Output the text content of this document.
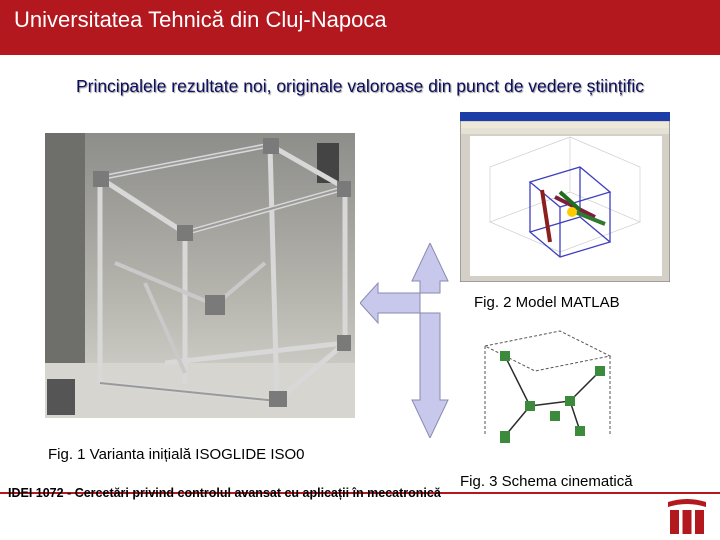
Universitatea Tehnică din Cluj-Napoca
Principalele rezultate noi, originale valoroase din punct de vedere științific
Fig. 2 Model MATLAB
Fig. 1 Varianta inițială ISOGLIDE ISO0
Fig. 3 Schema cinematică
IDEI 1072 - Cercetări privind controlul avansat cu aplicații în mecatronică
